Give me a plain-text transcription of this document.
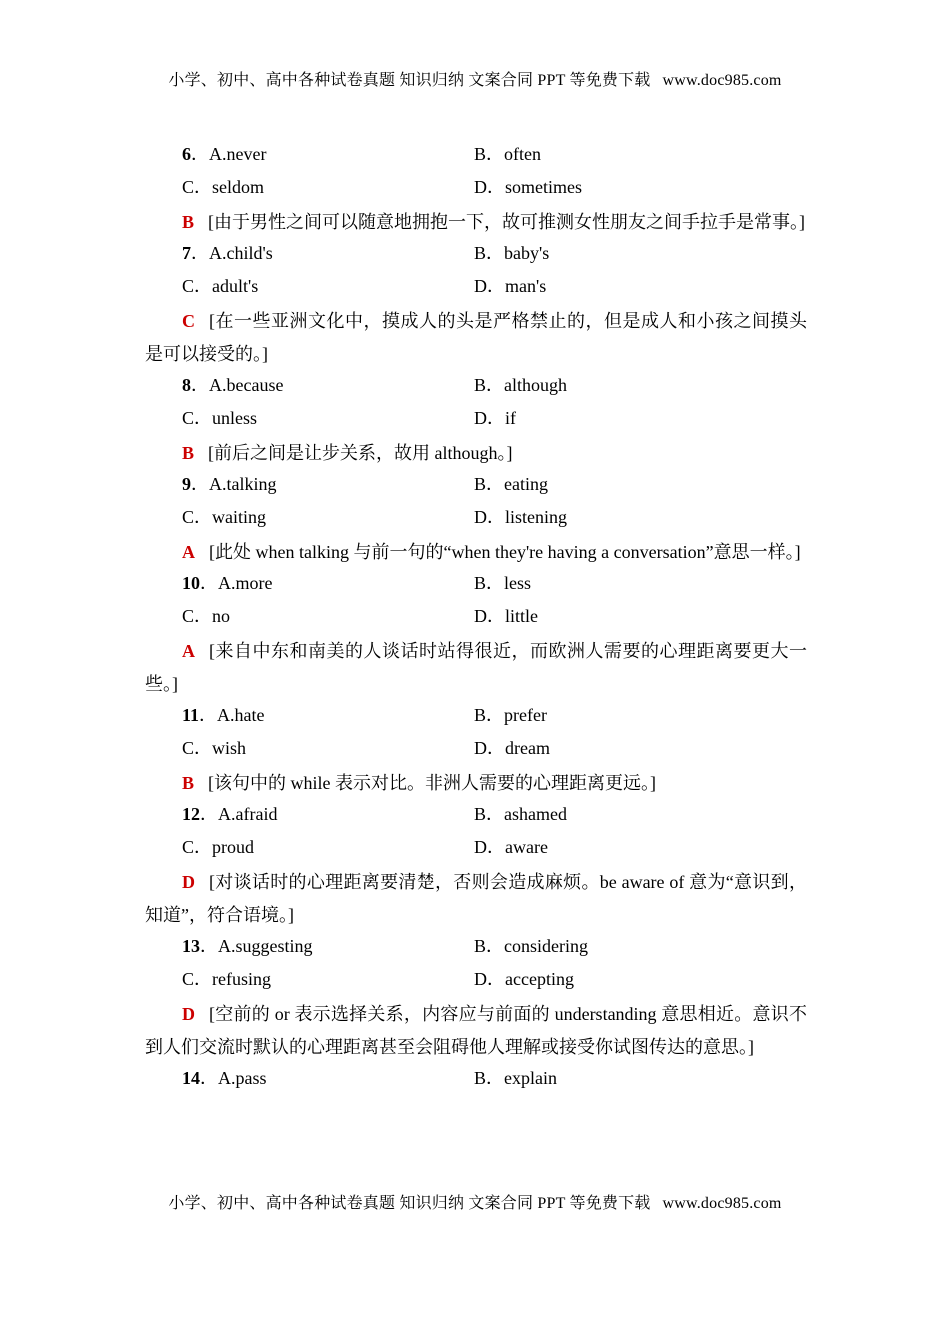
小学、初中、高中各种试卷真题 知识归纳 文案合同 PPT 等免费下载 www.doc985.com
6．A.never	B．often
C．seldom	D．sometimes
B [由于男性之间可以随意地拥抱一下，故可推测女性朋友之间手拉手是常事。]
7．A.child's	B．baby's
C．adult's	D．man's
C [在一些亚洲文化中，摸成人的头是严格禁止的，但是成人和小孩之间摸头是可以接受的。]
8．A.because	B．although
C．unless	D．if
B [前后之间是让步关系，故用 although。]
9．A.talking	B．eating
C．waiting	D．listening
A [此处 when talking 与前一句的“when they're having a conversation”意思一样。]
10．A.more	B．less
C．no	D．little
A [来自中东和南美的人谈话时站得很近，而欧洲人需要的心理距离要更大一些。]
11．A.hate	B．prefer
C．wish	D．dream
B [该句中的 while 表示对比。非洲人需要的心理距离更远。]
12．A.afraid	B．ashamed
C．proud	D．aware
D [对谈话时的心理距离要清楚，否则会造成麻烦。be aware of 意为“意识到，知道”，符合语境。]
13．A.suggesting	B．considering
C．refusing	D．accepting
D [空前的 or 表示选择关系，内容应与前面的 understanding 意思相近。意识不到人们交流时默认的心理距离甚至会阻碍他人理解或接受你试图传达的意思。]
14．A.pass	B．explain
小学、初中、高中各种试卷真题 知识归纳 文案合同 PPT 等免费下载 www.doc985.com
